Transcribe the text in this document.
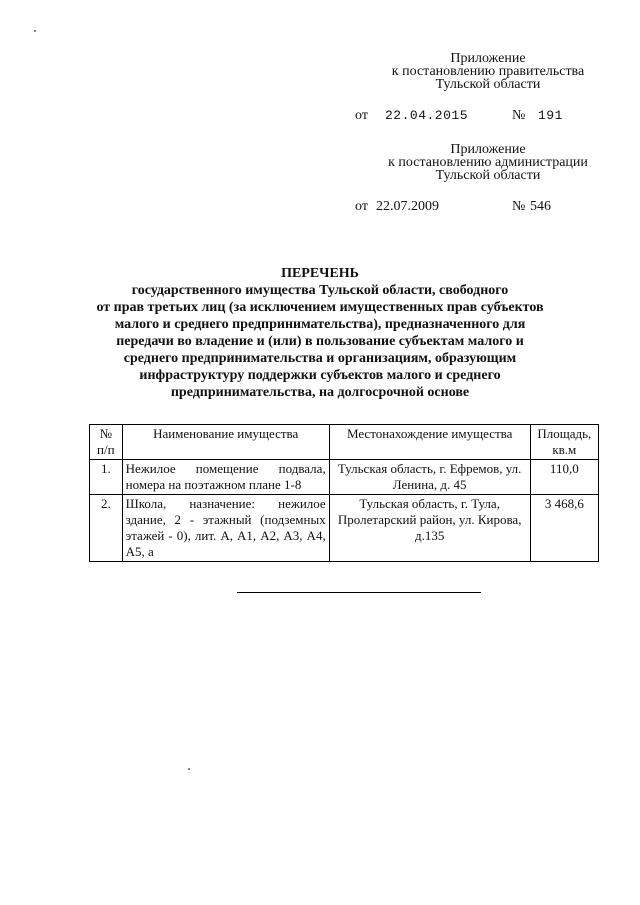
Приложение
к постановлению правительства
Тульской области
от 22.04.2015	№ 191
Приложение
к постановлению администрации
Тульской области
от 22.07.2009	№ 546
ПЕРЕЧЕНЬ
государственного имущества Тульской области, свободного
от прав третьих лиц (за исключением имущественных прав субъектов
малого и среднего предпринимательства), предназначенного для
передачи во владение и (или) в пользование субъектам малого и
среднего предпринимательства и организациям, образующим
инфраструктуру поддержки субъектов малого и среднего
предпринимательства, на долгосрочной основе
№ п/п	Наименование имущества	Местонахождение имущества	Площадь, кв.м
1.	Нежилое помещение подвала, номера на поэтажном плане 1-8	Тульская область, г. Ефремов, ул. Ленина, д. 45	110,0
2.	Школа, назначение: нежилое здание, 2 - этажный (подземных этажей - 0), лит. А, А1, А2, А3, А4, А5, а	Тульская область, г. Тула, Пролетарский район, ул. Кирова, д.135	3 468,6
